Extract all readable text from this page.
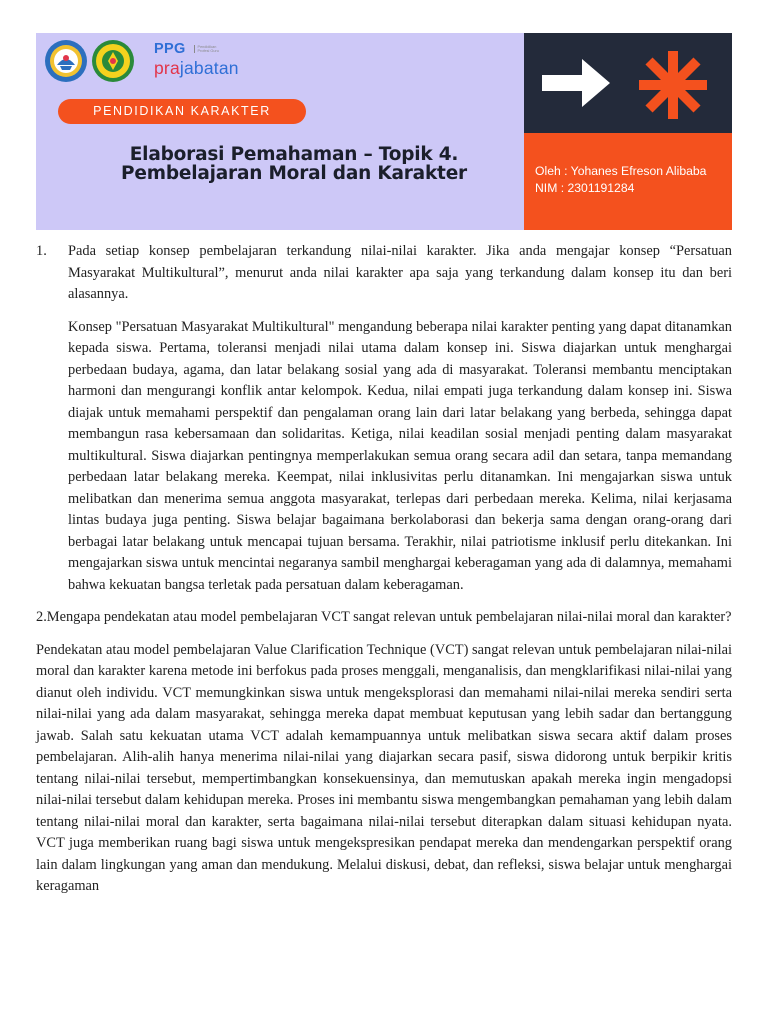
PPG	Pendidikan Profesi Guru
prajabatan
PENDIDIKAN KARAKTER
Elaborasi Pemahaman – Topik 4.
Pembelajaran Moral dan Karakter	Oleh : Yohanes Efreson Alibaba
NIM : 2301191284
1.	Pada setiap konsep pembelajaran terkandung nilai-nilai karakter. Jika anda mengajar konsep “Persatuan Masyarakat Multikultural”, menurut anda nilai karakter apa saja yang terkandung dalam konsep itu dan beri alasannya.

Konsep "Persatuan Masyarakat Multikultural" mengandung beberapa nilai karakter penting yang dapat ditanamkan kepada siswa. Pertama, toleransi menjadi nilai utama dalam konsep ini. Siswa diajarkan untuk menghargai perbedaan budaya, agama, dan latar belakang sosial yang ada di masyarakat. Toleransi membantu menciptakan harmoni dan mengurangi konflik antar kelompok. Kedua, nilai empati juga terkandung dalam konsep ini. Siswa diajak untuk memahami perspektif dan pengalaman orang lain dari latar belakang yang berbeda, sehingga dapat membangun rasa kebersamaan dan solidaritas. Ketiga, nilai keadilan sosial menjadi penting dalam masyarakat multikultural. Siswa diajarkan pentingnya memperlakukan semua orang secara adil dan setara, tanpa memandang perbedaan latar belakang mereka. Keempat, nilai inklusivitas perlu ditanamkan. Ini mengajarkan siswa untuk melibatkan dan menerima semua anggota masyarakat, terlepas dari perbedaan mereka. Kelima, nilai kerjasama lintas budaya juga penting. Siswa belajar bagaimana berkolaborasi dan bekerja sama dengan orang-orang dari berbagai latar belakang untuk mencapai tujuan bersama. Terakhir, nilai patriotisme inklusif perlu ditekankan. Ini mengajarkan siswa untuk mencintai negaranya sambil menghargai keberagaman yang ada di dalamnya, memahami bahwa kekuatan bangsa terletak pada persatuan dalam keberagaman.

2.Mengapa pendekatan atau model pembelajaran VCT sangat relevan untuk pembelajaran nilai-nilai moral dan karakter?

Pendekatan atau model pembelajaran Value Clarification Technique (VCT) sangat relevan untuk pembelajaran nilai-nilai moral dan karakter karena metode ini berfokus pada proses menggali, menganalisis, dan mengklarifikasi nilai-nilai yang dianut oleh individu. VCT memungkinkan siswa untuk mengeksplorasi dan memahami nilai-nilai mereka sendiri serta nilai-nilai yang ada dalam masyarakat, sehingga mereka dapat membuat keputusan yang lebih sadar dan bertanggung jawab. Salah satu kekuatan utama VCT adalah kemampuannya untuk melibatkan siswa secara aktif dalam proses pembelajaran. Alih-alih hanya menerima nilai-nilai yang diajarkan secara pasif, siswa didorong untuk berpikir kritis tentang nilai-nilai tersebut, mempertimbangkan konsekuensinya, dan memutuskan apakah mereka ingin mengadopsi nilai-nilai tersebut dalam kehidupan mereka. Proses ini membantu siswa mengembangkan pemahaman yang lebih dalam tentang nilai-nilai moral dan karakter, serta bagaimana nilai-nilai tersebut diterapkan dalam situasi kehidupan nyata. VCT juga memberikan ruang bagi siswa untuk mengekspresikan pendapat mereka dan mendengarkan perspektif orang lain dalam lingkungan yang aman dan mendukung. Melalui diskusi, debat, dan refleksi, siswa belajar untuk menghargai keragaman
